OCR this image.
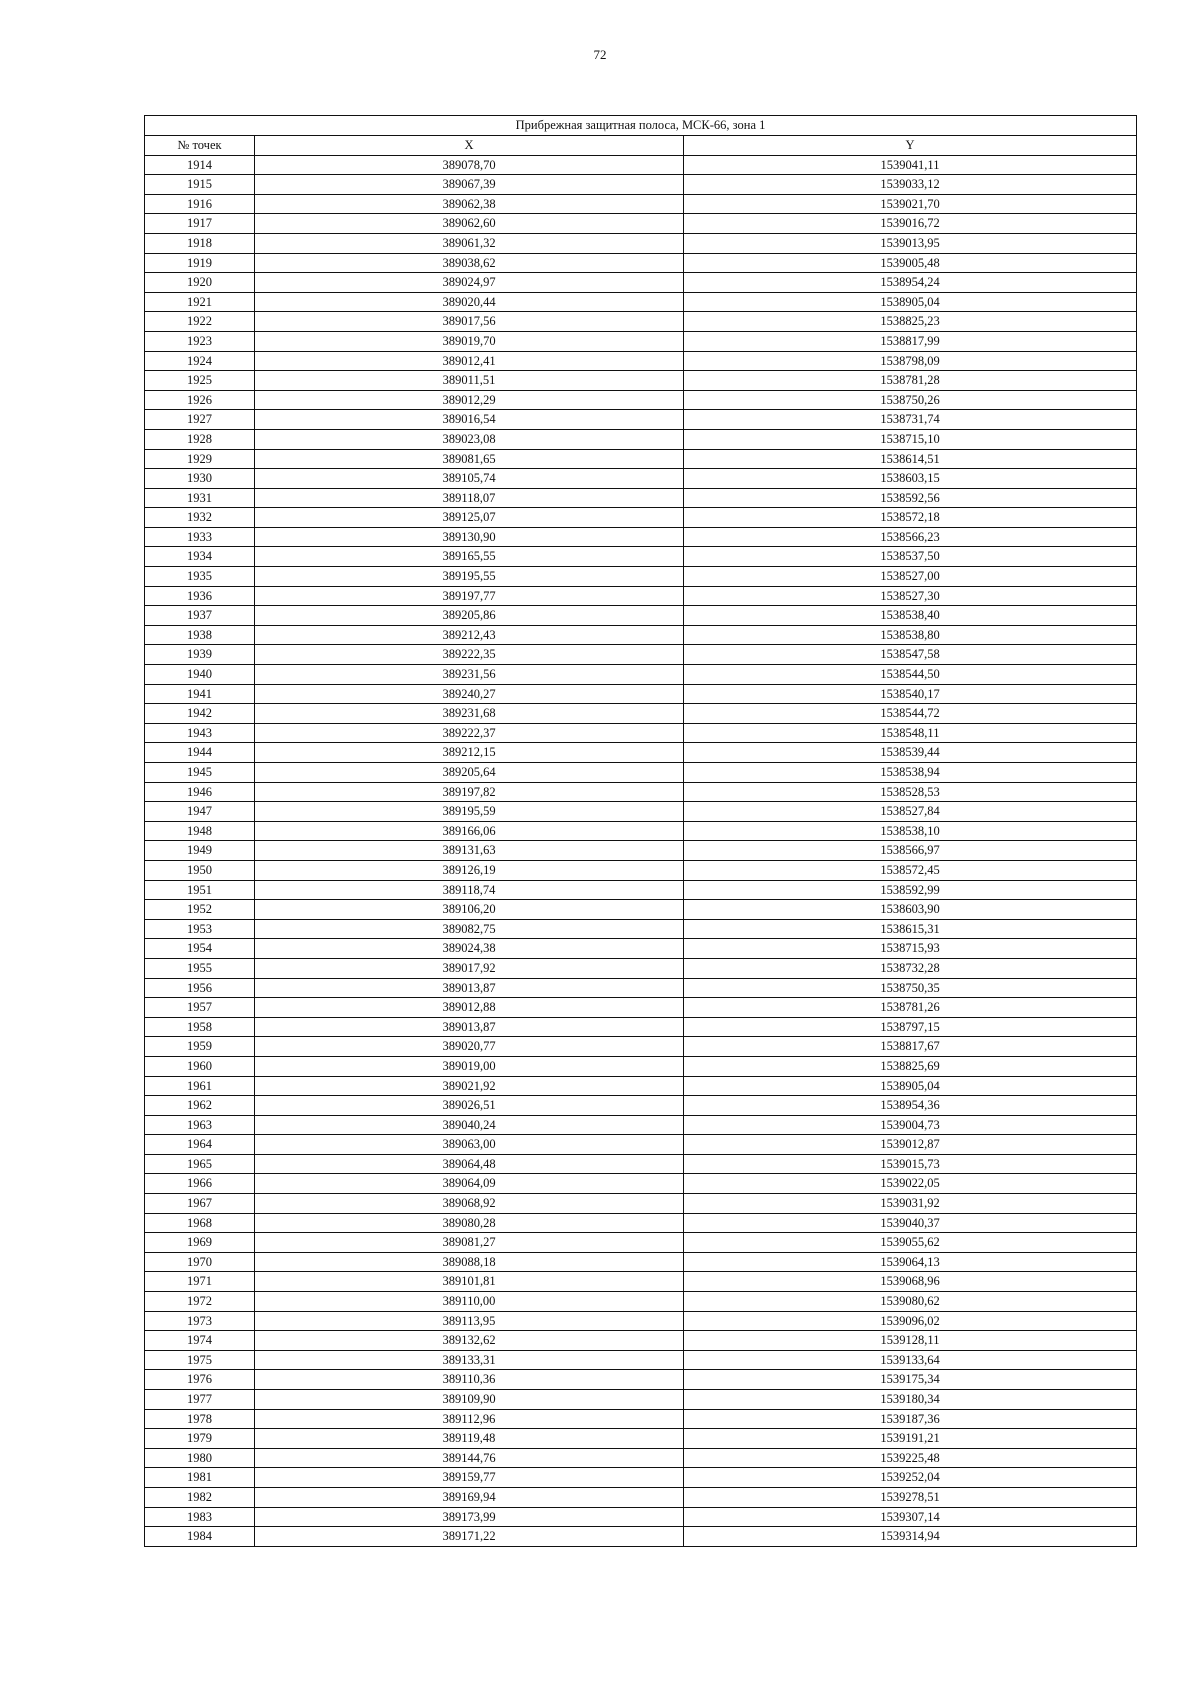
72
Прибрежная защитная полоса, МСК-66, зона 1		
№ точек	X	Y
1914	389078,70	1539041,11
1915	389067,39	1539033,12
1916	389062,38	1539021,70
1917	389062,60	1539016,72
1918	389061,32	1539013,95
1919	389038,62	1539005,48
1920	389024,97	1538954,24
1921	389020,44	1538905,04
1922	389017,56	1538825,23
1923	389019,70	1538817,99
1924	389012,41	1538798,09
1925	389011,51	1538781,28
1926	389012,29	1538750,26
1927	389016,54	1538731,74
1928	389023,08	1538715,10
1929	389081,65	1538614,51
1930	389105,74	1538603,15
1931	389118,07	1538592,56
1932	389125,07	1538572,18
1933	389130,90	1538566,23
1934	389165,55	1538537,50
1935	389195,55	1538527,00
1936	389197,77	1538527,30
1937	389205,86	1538538,40
1938	389212,43	1538538,80
1939	389222,35	1538547,58
1940	389231,56	1538544,50
1941	389240,27	1538540,17
1942	389231,68	1538544,72
1943	389222,37	1538548,11
1944	389212,15	1538539,44
1945	389205,64	1538538,94
1946	389197,82	1538528,53
1947	389195,59	1538527,84
1948	389166,06	1538538,10
1949	389131,63	1538566,97
1950	389126,19	1538572,45
1951	389118,74	1538592,99
1952	389106,20	1538603,90
1953	389082,75	1538615,31
1954	389024,38	1538715,93
1955	389017,92	1538732,28
1956	389013,87	1538750,35
1957	389012,88	1538781,26
1958	389013,87	1538797,15
1959	389020,77	1538817,67
1960	389019,00	1538825,69
1961	389021,92	1538905,04
1962	389026,51	1538954,36
1963	389040,24	1539004,73
1964	389063,00	1539012,87
1965	389064,48	1539015,73
1966	389064,09	1539022,05
1967	389068,92	1539031,92
1968	389080,28	1539040,37
1969	389081,27	1539055,62
1970	389088,18	1539064,13
1971	389101,81	1539068,96
1972	389110,00	1539080,62
1973	389113,95	1539096,02
1974	389132,62	1539128,11
1975	389133,31	1539133,64
1976	389110,36	1539175,34
1977	389109,90	1539180,34
1978	389112,96	1539187,36
1979	389119,48	1539191,21
1980	389144,76	1539225,48
1981	389159,77	1539252,04
1982	389169,94	1539278,51
1983	389173,99	1539307,14
1984	389171,22	1539314,94
